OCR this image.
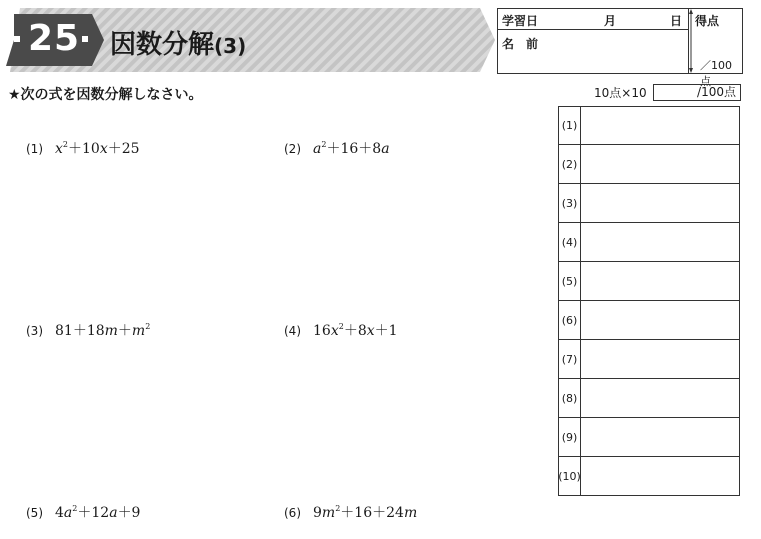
25 因数分解(3)
学習日	月	日 得点
名　前
／100点
★次の式を因数分解しなさい。	10点×10	/100点
(1) $x^2+10x+25$	(2) $a^2+16+8a$
(3) $81+18m+m^2$	(4) $16x^2+8x+1$
(5) $4a^2+12a+9$	(6) $9m^2+16+24m$
(1)
(2)
(3)
(4)
(5)
(6)
(7)
(8)
(9)
(10)
